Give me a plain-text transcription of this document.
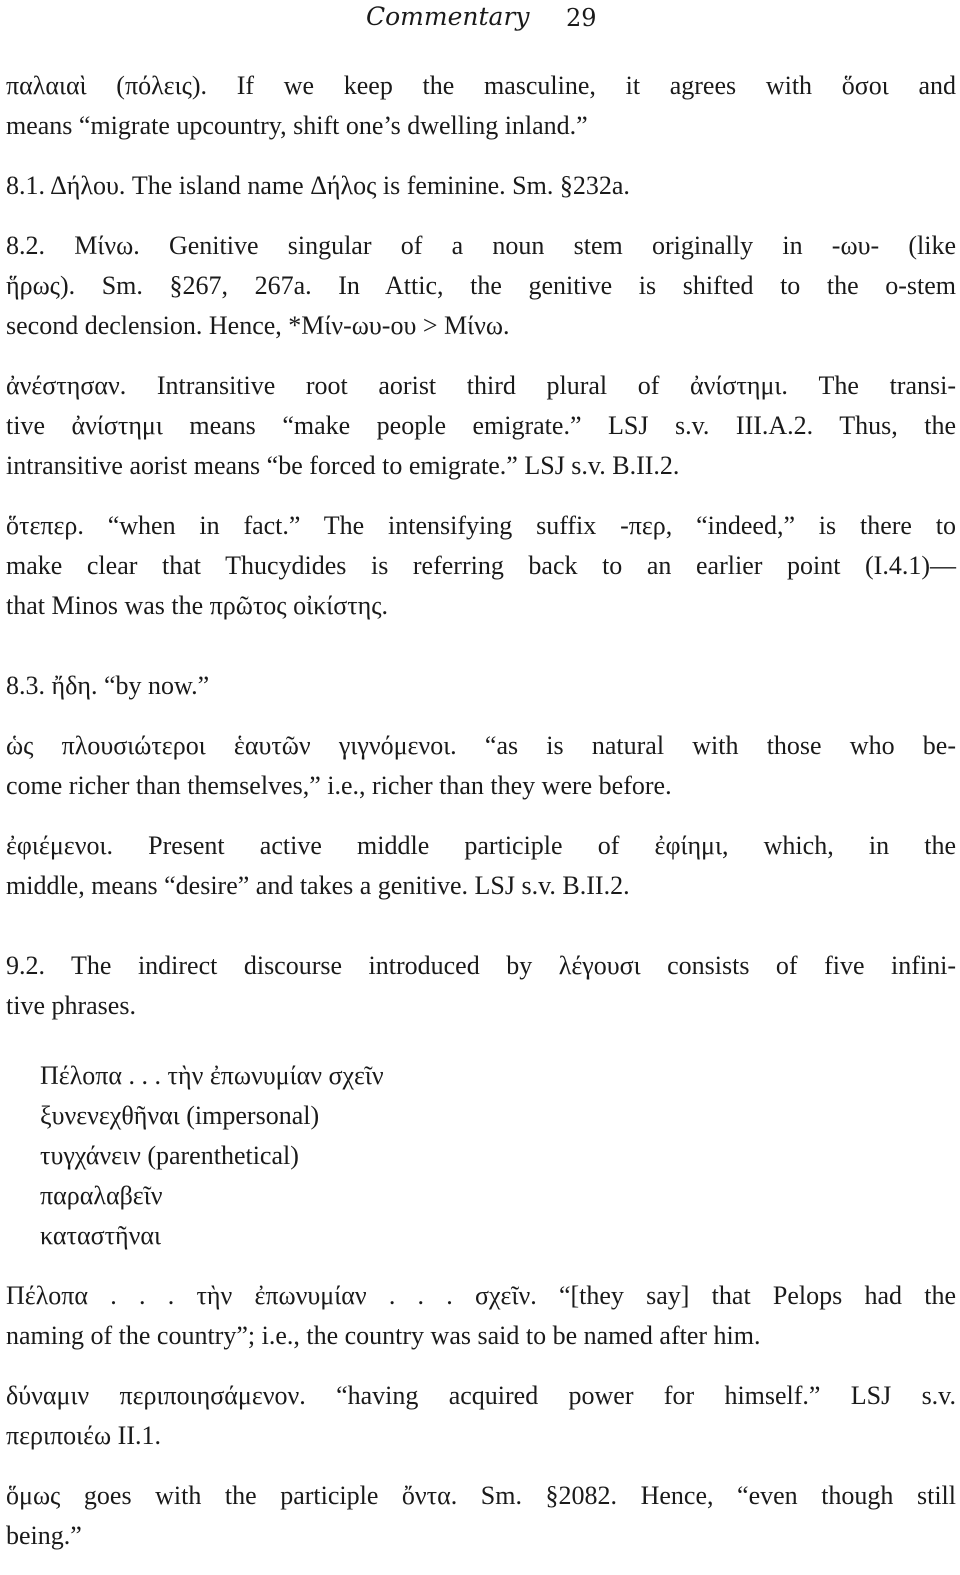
Commentary 29

παλαιαὶ (πόλεις). If we keep the masculine, it agrees with ὅσοι and
means “migrate upcountry, shift one’s dwelling inland.”

8.1. Δήλου. The island name Δήλος is feminine. Sm. §232a.

8.2. Μίνω. Genitive singular of a noun stem originally in -ωυ- (like
ἥρως). Sm. §267, 267a. In Attic, the genitive is shifted to the o-stem
second declension. Hence, *Μίν-ωυ-ου > Μίνω.

ἀνέστησαν. Intransitive root aorist third plural of ἀνίστημι. The transi-
tive ἀνίστημι means “make people emigrate.” LSJ s.v. III.A.2. Thus, the
intransitive aorist means “be forced to emigrate.” LSJ s.v. B.II.2.

ὅτεπερ. “when in fact.” The intensifying suffix -περ, “indeed,” is there to
make clear that Thucydides is referring back to an earlier point (I.4.1)—
that Minos was the πρῶτος οἰκίστης.

8.3. ἤδη. “by now.”

ὡς πλουσιώτεροι ἑαυτῶν γιγνόμενοι. “as is natural with those who be-
come richer than themselves,” i.e., richer than they were before.

ἐφιέμενοι. Present active middle participle of ἐφίημι, which, in the
middle, means “desire” and takes a genitive. LSJ s.v. B.II.2.

9.2. The indirect discourse introduced by λέγουσι consists of five infini-
tive phrases.

Πέλοπα . . . τὴν ἐπωνυμίαν σχεῖν
ξυνενεχθῆναι (impersonal)
τυγχάνειν (parenthetical)
παραλαβεῖν
καταστῆναι

Πέλοπα . . . τὴν ἐπωνυμίαν . . . σχεῖν. “[they say] that Pelops had the
naming of the country”; i.e., the country was said to be named after him.

δύναμιν περιποιησάμενον. “having acquired power for himself.” LSJ s.v.
περιποιέω II.1.

ὅμως goes with the participle ὄντα. Sm. §2082. Hence, “even though still
being.”
